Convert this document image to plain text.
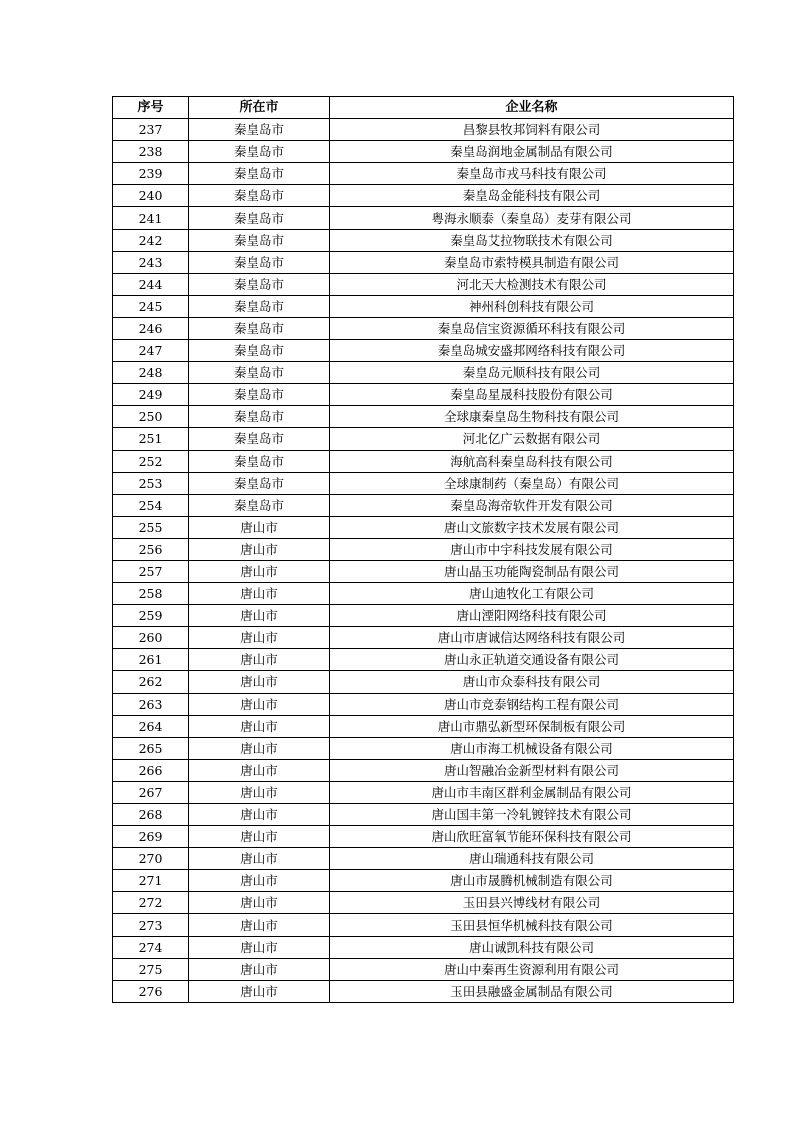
序号	所在市	企业名称
237	秦皇岛市	昌黎县牧邦饲料有限公司
238	秦皇岛市	秦皇岛润地金属制品有限公司
239	秦皇岛市	秦皇岛市戎马科技有限公司
240	秦皇岛市	秦皇岛金能科技有限公司
241	秦皇岛市	粤海永顺泰（秦皇岛）麦芽有限公司
242	秦皇岛市	秦皇岛艾拉物联技术有限公司
243	秦皇岛市	秦皇岛市索特模具制造有限公司
244	秦皇岛市	河北天大检测技术有限公司
245	秦皇岛市	神州科创科技有限公司
246	秦皇岛市	秦皇岛信宝资源循环科技有限公司
247	秦皇岛市	秦皇岛城安盛邦网络科技有限公司
248	秦皇岛市	秦皇岛元顺科技有限公司
249	秦皇岛市	秦皇岛星晟科技股份有限公司
250	秦皇岛市	全球康秦皇岛生物科技有限公司
251	秦皇岛市	河北亿广云数据有限公司
252	秦皇岛市	海航高科秦皇岛科技有限公司
253	秦皇岛市	全球康制药（秦皇岛）有限公司
254	秦皇岛市	秦皇岛海帝软件开发有限公司
255	唐山市	唐山文旅数字技术发展有限公司
256	唐山市	唐山市中宇科技发展有限公司
257	唐山市	唐山晶玉功能陶瓷制品有限公司
258	唐山市	唐山迪牧化工有限公司
259	唐山市	唐山湮阳网络科技有限公司
260	唐山市	唐山市唐诚信达网络科技有限公司
261	唐山市	唐山永正轨道交通设备有限公司
262	唐山市	唐山市众泰科技有限公司
263	唐山市	唐山市竞泰钢结构工程有限公司
264	唐山市	唐山市鼎弘新型环保制板有限公司
265	唐山市	唐山市海工机械设备有限公司
266	唐山市	唐山智融冶金新型材料有限公司
267	唐山市	唐山市丰南区群利金属制品有限公司
268	唐山市	唐山国丰第一冷轧镀锌技术有限公司
269	唐山市	唐山欣旺富氧节能环保科技有限公司
270	唐山市	唐山瑞通科技有限公司
271	唐山市	唐山市晟腾机械制造有限公司
272	唐山市	玉田县兴博线材有限公司
273	唐山市	玉田县恒华机械科技有限公司
274	唐山市	唐山诚凯科技有限公司
275	唐山市	唐山中秦再生资源利用有限公司
276	唐山市	玉田县融盛金属制品有限公司
